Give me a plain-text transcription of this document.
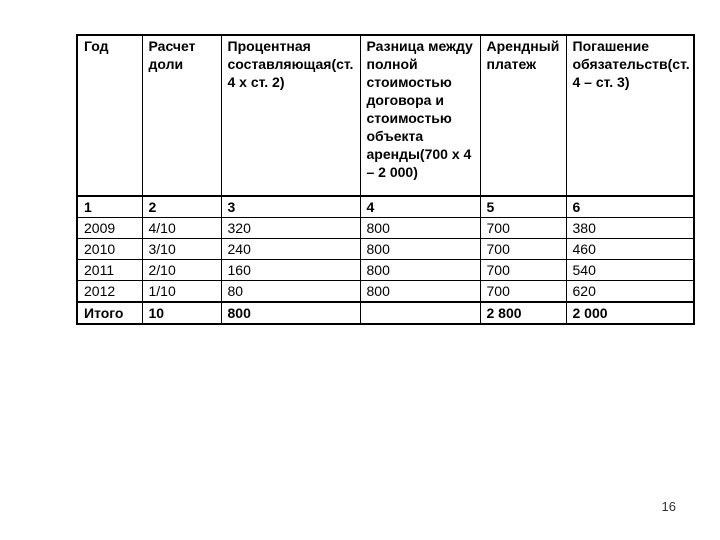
Год	Расчет доли	Процентная составляющая(ст. 4 х ст. 2)	Разница между полной стоимостью договора и стоимостью объекта аренды(700 х 4 – 2 000)	Арендный платеж	Погашение обязательств(ст. 4 – ст. 3)
1	2	3	4	5	6
2009	4/10	320	800	700	380
2010	3/10	240	800	700	460
2011	2/10	160	800	700	540
2012	1/10	80	800	700	620
Итого	10	800		2 800	2 000
16
